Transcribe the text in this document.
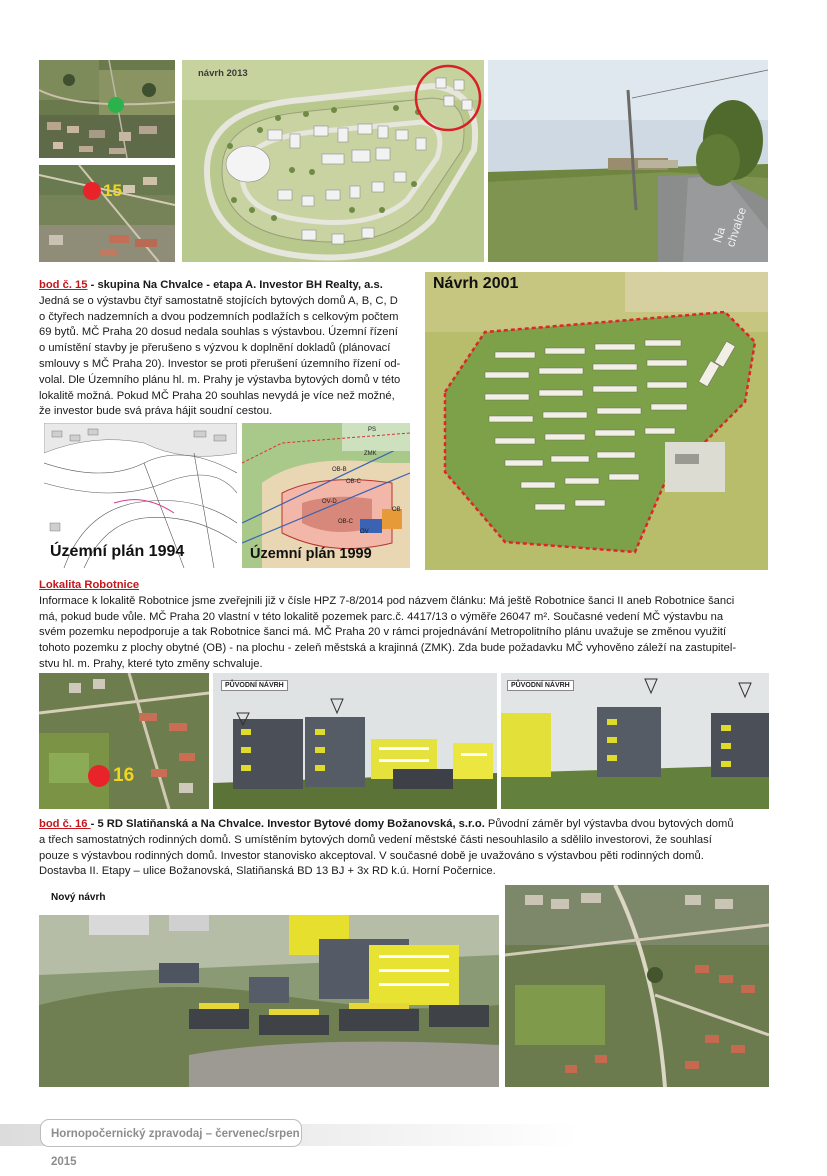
15
návrh 2013
Na chvalce
bod č. 15 - skupina Na Chvalce - etapa A. Investor BH Realty, a.s.
Jedná se o výstavbu čtyř samostatně stojících bytových domů A, B, C, D
o čtyřech nadzemních a dvou podzemních podlažích s celkovým počtem
69 bytů. MČ Praha 20 dosud nedala souhlas s výstavbou. Územní řízení
o umístění stavby je přerušeno s výzvou k doplnění dokladů (plánovací
smlouvy s MČ Praha 20). Investor se proti přerušení územního řízení od-
volal. Dle Územního plánu hl. m. Prahy je výstavba bytových domů v této
lokalitě možná. Pokud MČ Praha 20 souhlas nevydá je více než možné,
že investor bude svá práva hájit soudní cestou.
Návrh 2001
Územní plán 1994
PS
ZMK
OB-B
OB-C
OV-D
OB-C
OB
OV
Územní plán 1999
Lokalita Robotnice
Informace k lokalitě Robotnice jsme zveřejnili již v čísle HPZ 7-8/2014 pod názvem článku: Má ještě Robotnice šanci II aneb Robotnice šanci
má, pokud bude vůle. MČ Praha 20 vlastní v této lokalitě pozemek parc.č. 4417/13 o výměře 26047 m². Současné vedení MČ výstavbu na
svém pozemku nepodporuje a tak Robotnice šanci má. MČ Praha 20 v rámci projednávání Metropolitního plánu uvažuje se změnou využití
tohoto pozemku z plochy obytné (OB) - na plochu - zeleň městská a krajinná (ZMK). Zda bude požadavku MČ vyhověno záleží na zastupitel-
stvu hl. m. Prahy, které tyto změny schvaluje.
16
PŮVODNÍ NÁVRH	PŮVODNÍ NÁVRH
bod č. 16 - 5 RD Slatiňanská a Na Chvalce. Investor Bytové domy Božanovská, s.r.o. Původní záměr byl výstavba dvou bytových domů
a třech samostatných rodinných domů. S umístěním bytových domů vedení městské části nesouhlasilo a sdělilo investorovi, že souhlasí
pouze s výstavbou rodinných domů. Investor stanovisko akceptoval. V současné době je uvažováno s výstavbou pěti rodinných domů.
Dostavba II. Etapy – ulice Božanovská, Slatiňanská BD 13 BJ + 3x RD k.ú. Horní Počernice.
Nový návrh
Hornopočernický zpravodaj – červenec/srpen 2015
